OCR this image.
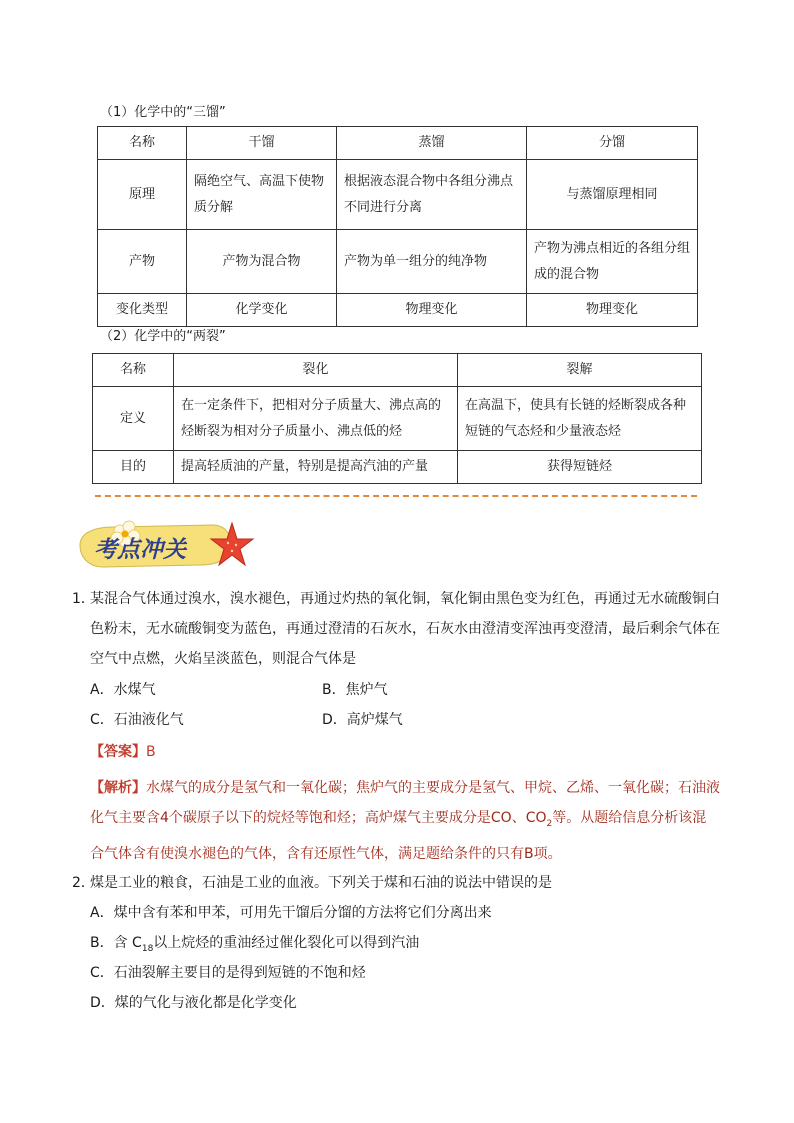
（1）化学中的“三馏”
名称	干馏	蒸馏	分馏
原理	隔绝空气、高温下使物质分解	根据液态混合物中各组分沸点不同进行分离	与蒸馏原理相同
产物	产物为混合物	产物为单一组分的纯净物	产物为沸点相近的各组分组成的混合物
变化类型	化学变化	物理变化	物理变化
（2）化学中的“两裂”
名称	裂化	裂解
定义	在一定条件下，把相对分子质量大、沸点高的烃断裂为相对分子质量小、沸点低的烃	在高温下，使具有长链的烃断裂成各种短链的气态烃和少量液态烃
目的	提高轻质油的产量，特别是提高汽油的产量	获得短链烃
考点冲关
1．
某混合气体通过溴水，溴水褪色，再通过灼热的氧化铜，氧化铜由黑色变为红色，再通过无水硫酸铜白色粉末，无水硫酸铜变为蓝色，再通过澄清的石灰水，石灰水由澄清变浑浊再变澄清，最后剩余气体在空气中点燃，火焰呈淡蓝色，则混合气体是
A．水煤气	B．焦炉气
C．石油液化气	D．高炉煤气
【答案】B
【解析】水煤气的成分是氢气和一氧化碳；焦炉气的主要成分是氢气、甲烷、乙烯、一氧化碳；石油液化气主要含4个碳原子以下的烷烃等饱和烃；高炉煤气主要成分是CO、$CO_2$等。从题给信息分析该混合气体含有使溴水褪色的气体，含有还原性气体，满足题给条件的只有B项。
2．
煤是工业的粮食，石油是工业的血液。下列关于煤和石油的说法中错误的是
A．煤中含有苯和甲苯，可用先干馏后分馏的方法将它们分离出来
B．含 $C_{18}$以上烷烃的重油经过催化裂化可以得到汽油
C．石油裂解主要目的是得到短链的不饱和烃
D．煤的气化与液化都是化学变化
